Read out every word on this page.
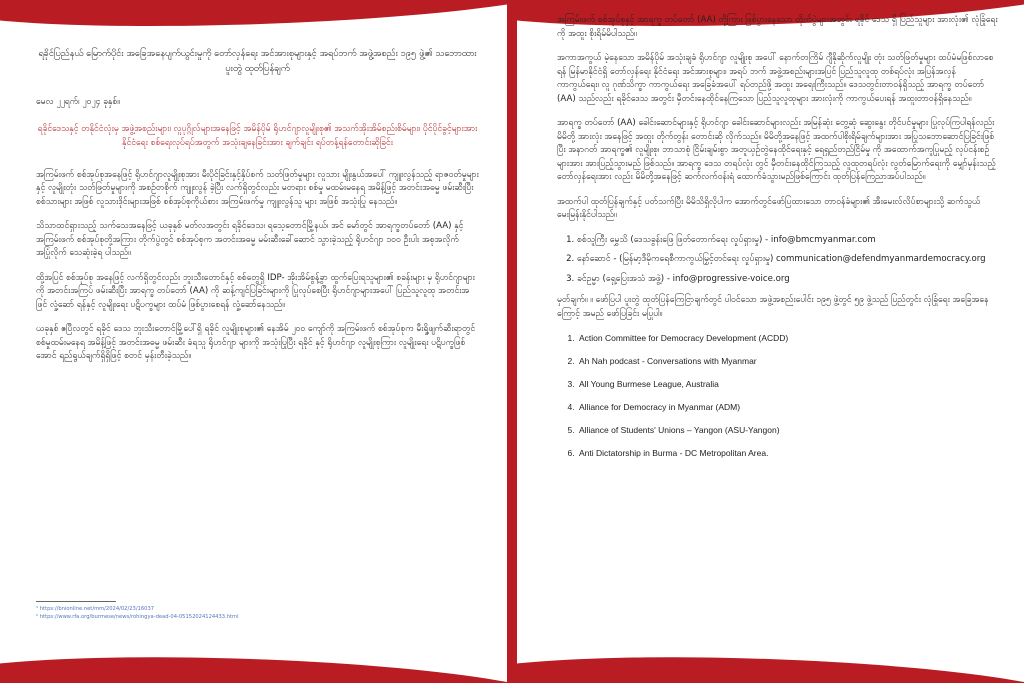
ရခိုင်ပြည်နယ် မြောက်ပိုင်း အခြေအနေပျက်ယွင်းမှုကို တော်လှန်ရေး အင်အားစုများနှင့် အရပ်ဘက် အဖွဲ့အစည်း ၁၉၅ ဖွဲ့၏ သဘောထား ပူးတွဲ ထုတ်ပြန်ချက်

မေလ ၂၂ရက်၊ ၂၀၂၄ ခုနှစ်။

ရခိုင်ဒေသနှင့် တနိုင်ငံလုံးမှ အဖွဲ့အစည်းများ၊ လူပုဂ္ဂိုလ်များအနေဖြင့် အမိန်ပိုမ် ရိုဟင်ဂျာလူမျိုးစု၏ အသက်အိုးအိမ်စည်းစိမ်များ၊ ပိုင်ပိုင်ခွင့်များအား နိုင်ငံရေး စစ်ရေးလုပ်ရပ်အတွက် အသုံးချနေခြင်းအား ချက်ချင်း ရပ်တန့်ရန်တောင်းဆိုခြင်း

အကြမ်းဖက် စစ်အုပ်စုအနေဖြင့် ရိုဟင်ဂျာလူမျိုးစုအား မီးပိုင်ခြင်းနှင့်နှိပ်စက် သတ်ဖြတ်မှုများ လူသား မျိုးနွယ်အပေါ် ကျူးလွန်သည့် ရာဇဝတ်မှုများနှင့် လူမျိုးတုံး သတ်ဖြတ်မှုများကို အစဉ်တစိုက် ကျူးလွန် ခဲ့ပြီး လက်ရှိတွင်လည်း မတရား စစ်မှု မထမ်းမနေရ အမိန့်ဖြင့် အတင်းအဓမ္မ ဖမ်းဆီးပြီး စစ်သားများ အဖြစ် လူသားဒိုင်းများအဖြစ် စစ်အုပ်စုကိုယ်စား အကြမ်းဖက်မှု ကျူးလွန်သူ များ အဖြစ် အသုံးပြု နေသည်။

သိသာထင်ရှားသည့် သက်သေအနေဖြင့် ယခုနှစ် မတ်လအတွင်း ရခိုင်ဒေသ၊ ရသေ့တောင်မြို့နယ်၊ အင် မော်တွင် အာရက္ခတပ်တော် (AA) နှင့် အကြမ်းဖက် စစ်အုပ်စုတို့အကြား တိုက်ပွဲတွင် စစ်အုပ်စုက အတင်းအဓမ္မ မမ်းဆီးခေါ်ဆောင် သွားခဲ့သည့် ရိုဟင်ဂျာ ၁၀၀ ဦးပါး အစုအလိုက် အပြုံလိုက် သေဆုံးခဲ့ရ ပါသည်။

ထို့အပြင် စစ်အုပ်စု အနေဖြင့် လက်ရှိတွင်လည်း ဘူးသီးတောင်နှင့် စစ်တွေရှိ IDP- အိုးအိမ်စွန့်ခွာ ထွက်ပြေးရသူများ၏ စခန်းများ မှ ရိုဟင်ဂျာများကို အတင်းအကြပ် ဖမ်းဆီးပြီး အာရက္ခ တပ်တော် (AA) ကို ဆန့်ကျင်ပြခြင်းများကို ပြုလုပ်စေပြီး ရိုဟင်ဂျာများအပေါ် ပြည်သူလူထု အတင်းအဖြင် လှုံ့ဆော် ရန်နှင့် လူမျိုးရေး ပဋိပက္ခများ ထပ်မံ ဖြစ်ပွားစေရန် လှုံ့ဆော်နေသည်။

ယခုနှစ် ဧပြီလတွင် ရခိုင် ဒေသ ဘူးသီးတောင်မြို့ပေါ်ရှိ ရခိုင် လူမျိုးစုများ၏ နေအိမ် ၂၀၀ ကျော်ကို အကြမ်းဖက် စစ်အုပ်စုက မီးရှို့ဖျက်ဆီးရာတွင် စစ်မှုထမ်းမနေရ အမိန့်ဖြင့် အတင်းအဓမ္မ ဖမ်းဆီး ခံရသူ ရိုဟင်ဂျာ များကို အသုံးပြုပြီး ရခိုင် နှင့် ရိုဟင်ဂျာ လူမျိုးစုကြား လူမျိုးရေး ပဋိပက္ခဖြစ်အောင် ရည်ရွယ်ချက်ရှိရှိဖြင့် စတင် မှန်းတီးခဲ့သည်။

¹ https://bnionline.net/mm/2024/02/23/16037
² https://www.rfa.org/burmese/news/rohingya-dead-04-05152024124433.html

အကြမ်းဖက် စစ်အုပ်စုနှင့် အာရက္ခ တပ်တော် (AA) တို့ကြား ဖြစ်ပွားနေသော တိုက်ပွဲများအတွင်း ရခိုင် ဒေသ ရှိ ပြည်သူများ အားလုံး၏ လုံခြုံရေးကို အထူး စိုးရိမ်မိပါသည်။

အကာအကွယ် မဲ့နေသော အမိန်ပိုမ် အသုံးချခံ ရိုဟင်ဂျာ လူမျိုးစု အပေါ် နောက်တကြိမ် ဂျီနိုဆိုက်လူမျိုး တုံး သတ်ဖြတ်မှုများ ထပ်မံမဖြစ်လာစေရန် မြန်မာနိုင်ငံရှိ တော်လှန်ရေး နိုင်ငံရေး အင်အားစုများ၊ အရပ် ဘက် အဖွဲ့အစည်းများအပြင် ပြည်သူလူထု တစ်ရပ်လုံး အပြန်အလှန် ကာကွယ်ရေး၊ လူ ဂုဏ်သိက္ခာ ကာကွယ်ရေး အခြေခံအပေါ် ရပ်တည်ဖို့ အထူး အရေးကြီးသည်။ ဒေသတွင်းတာဝန်ရှိသည့် အာရက္ခ တပ်တော် (AA) သည်လည်း ရခိုင်ဒေသ အတွင်း မှီတင်းနေထိုင်နေကြသော ပြည်သူလူထုများ အားလုံးကို ကာကွယ်ပေးရန် အထူးတာဝန်ရှိနေသည်။

အာရက္ခ တပ်တော် (AA) ခေါင်းဆောင်များနှင့် ရိုဟင်ဂျာ ခေါင်းဆောင်များလည်း အမြန်ဆုံး တွေ့ဆုံ ဆွေးနွေး တိုင်ပင်မှုများ ပြုလုပ်ကြပါရန်လည်း မိမိတို့ အားလုံး အနေဖြင့် အထူး တိုက်တွန်း တောင်းဆို လိုက်သည်။ မိမိတို့အနေဖြင့် အထက်ပါစိုးရိမ်ချက်များအား အပြုသဘောဆောင်ပြခြင်းဖြစ်ပြီး အနာဂတ် အာရက္ခ၏ လူမျိုးစု၊ ဘာသာစုံ ငြိမ်းချမ်းစွာ အတူယှဉ်တွဲနေထိုင်ရေးနှင့် ရေရှည်တည်ငြိမ်မှု ကို အထောက်အကူပြုမည့် လုပ်ငန်းစဉ်များအား အားပြည့်သွားမည် ဖြစ်သည်။ အာရက္ခ ဒေသ တရပ်လုံး တွင် မှီတင်းနေထိုင်ကြသည့် လူထုတရပ်လုံး လွတ်မြောက်ရေးကို မျှော်မှန်းသည့် တော်လှန်ရေးအား လည်း မိမိတို့အနေဖြင့် ဆက်လက်ဝန်းရံ ထောက်ခံသွားမည်ဖြစ်ကြောင်း ထုတ်ပြန်ကြေညာအပ်ပါသည်။

အထက်ပါ ထုတ်ပြန်ချက်နှင့် ပတ်သက်ပြီး မိမိသိရှိလိုပါက အောက်တွင်ဖော်ပြထားသော တာဝန်ခံများ၏ အီးမေးလ်လိပ်စာများသို့ ဆက်သွယ်မေးမြန်းနိုင်ပါသည်။

1. စစ်သူကြီး မွှေသိ (ဒေသခွန်းဖြေ ဖြတ်တောက်ရေး လှုပ်ရှားမှု) - info@bmcmyanmar.com
2. နော်ဆောင် - (မြန်မာ့ဒီမိုကရေစီကာကွယ်မြှင့်တင်ရေး လှုပ်ရှားမှု) communication@defendmyanmardemocracy.org
3. ခင်ဥမ္မာ (ရှေ့ပြေးအသံ အဖွဲ့) - info@progressive-voice.org

မှတ်ချက်။ ။ ဖော်ပြပါ ပူးတွဲ ထုတ်ပြန်ကြေငြာချက်တွင် ပါဝင်သော အဖွဲ့အစည်းပေါင်း ၁၉၅ ဖွဲ့တွင် ၅၉ ဖွဲ့သည် ပြည်တွင်း လုံခြုံရေး အခြေအနေကြောင့် အမည် ဖော်ပြခြင်း မပြုပါ။

1. Action Committee for Democracy Development (ACDD)
2. Ah Nah podcast - Conversations with Myanmar
3. All Young Burmese League, Australia
4. Alliance for Democracy in Myanmar (ADM)
5. Alliance of Students' Unions – Yangon (ASU-Yangon)
6. Anti Dictatorship in Burma - DC Metropolitan Area.
